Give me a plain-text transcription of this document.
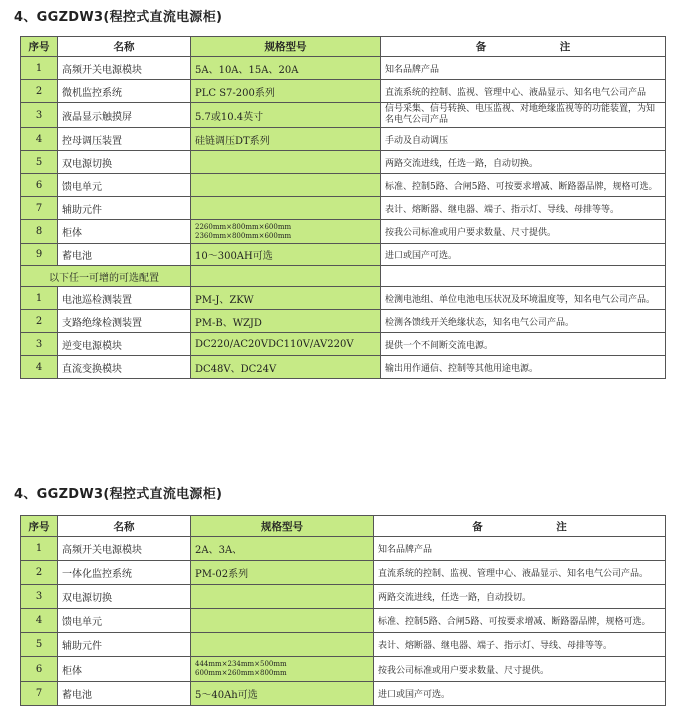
4、GGZDW3(程控式直流电源柜)
序号	名称	规格型号	备　　　　　　　注
1	高频开关电源模块	5A、10A、15A、20A	知名品牌产品
2	微机监控系统	PLC S7-200系列	直流系统的控制、监视、管理中心、液晶显示、知名电气公司产品
3	液晶显示触摸屏	5.7或10.4英寸	信号采集、信号转换、电压监视、对地绝缘监视等的功能装置，为知名电气公司产品
4	控母调压装置	硅链调压DT系列	手动及自动调压
5	双电源切换		两路交流进线，任选一路，自动切换。
6	馈电单元		标准、控制5路、合闸5路、可按要求增减、断路器品牌，规格可选。
7	辅助元件		表计、熔断器、继电器、端子、指示灯、导线、母排等等。
8	柜体	2260mm×800mm×600mm 2360mm×800mm×600mm	按我公司标准或用户要求数量、尺寸提供。
9	蓄电池	10～300AH可选	进口或国产可选。
以下任一可增的可选配置			
1	电池巡检测装置	PM-J、ZKW	检测电池组、单位电池电压状况及环境温度等，知名电气公司产品。
2	支路绝缘检测装置	PM-B、WZJD	检测各馈线开关绝缘状态，知名电气公司产品。
3	逆变电源模块	DC220/AC20VDC110V/AV220V	提供一个不间断交流电源。
4	直流变换模块	DC48V、DC24V	输出用作通信、控制等其他用途电源。
4、GGZDW3(程控式直流电源柜)
序号	名称	规格型号	备　　　　　　　注
1	高频开关电源模块	2A、3A、	知名品牌产品
2	一体化监控系统	PM-02系列	直流系统的控制、监视、管理中心、液晶显示、知名电气公司产品。
3	双电源切换		两路交流进线，任选一路，自动投切。
4	馈电单元		标准、控制5路、合闸5路、可按要求增减、断路器品牌，规格可选。
5	辅助元件		表计、熔断器、继电器、端子、指示灯、导线、母排等等。
6	柜体	444mm×234mm×500mm 600mm×260mm×800mm	按我公司标准或用户要求数量、尺寸提供。
7	蓄电池	5～40Ah可选	进口或国产可选。
